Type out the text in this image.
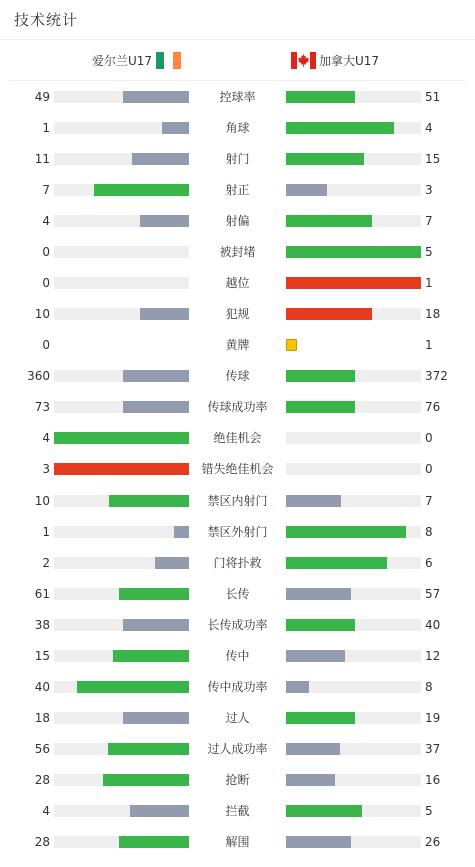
技术统计
爱尔兰U17	加拿大U17
49	控球率	51
1	角球	4
11	射门	15
7	射正	3
4	射偏	7
0	被封堵	5
0	越位	1
10	犯规	18
0	黄牌	1
360	传球	372
73	传球成功率	76
4	绝佳机会	0
3	错失绝佳机会	0
10	禁区内射门	7
1	禁区外射门	8
2	门将扑救	6
61	长传	57
38	长传成功率	40
15	传中	12
40	传中成功率	8
18	过人	19
56	过人成功率	37
28	抢断	16
4	拦截	5
28	解围	26
